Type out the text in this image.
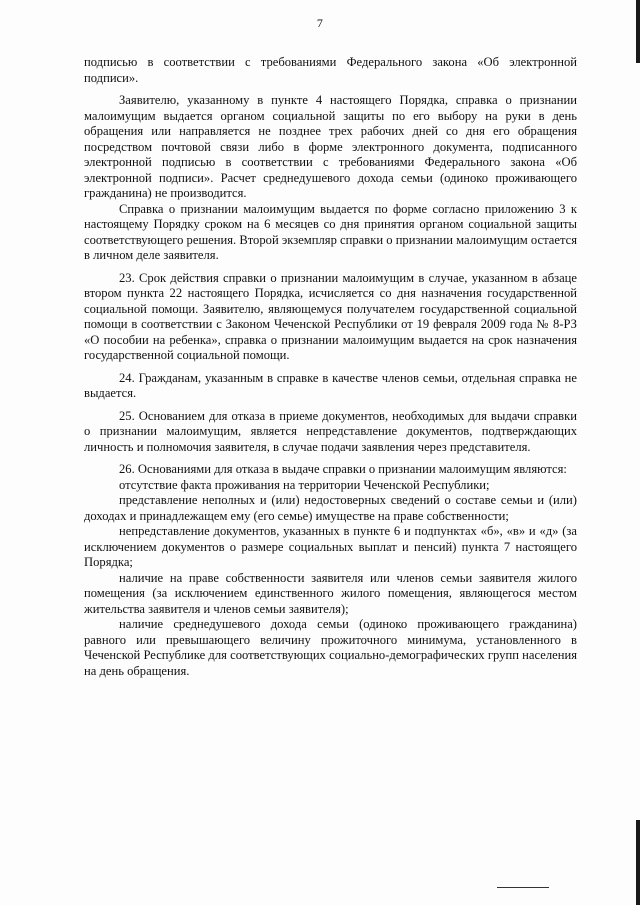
7

подписью в соответствии с требованиями Федерального закона «Об электронной подписи».

Заявителю, указанному в пункте 4 настоящего Порядка, справка о признании малоимущим выдается органом социальной защиты по его выбору на руки в день обращения или направляется не позднее трех рабочих дней со дня его обращения посредством почтовой связи либо в форме электронного документа, подписанного электронной подписью в соответствии с требованиями Федерального закона «Об электронной подписи». Расчет среднедушевого дохода семьи (одиноко проживающего гражданина) не производится.

Справка о признании малоимущим выдается по форме согласно приложению 3 к настоящему Порядку сроком на 6 месяцев со дня принятия органом социальной защиты соответствующего решения. Второй экземпляр справки о признании малоимущим остается в личном деле заявителя.

23. Срок действия справки о признании малоимущим в случае, указанном в абзаце втором пункта 22 настоящего Порядка, исчисляется со дня назначения государственной социальной помощи. Заявителю, являющемуся получателем государственной социальной помощи в соответствии с Законом Чеченской Республики от 19 февраля 2009 года № 8-РЗ «О пособии на ребенка», справка о признании малоимущим выдается на срок назначения государственной социальной помощи.

24. Гражданам, указанным в справке в качестве членов семьи, отдельная справка не выдается.

25. Основанием для отказа в приеме документов, необходимых для выдачи справки о признании малоимущим, является непредставление документов, подтверждающих личность и полномочия заявителя, в случае подачи заявления через представителя.

26. Основаниями для отказа в выдаче справки о признании малоимущим являются:

отсутствие факта проживания на территории Чеченской Республики;

представление неполных и (или) недостоверных сведений о составе семьи и (или) доходах и принадлежащем ему (его семье) имуществе на праве собственности;

непредставление документов, указанных в пункте 6 и подпунктах «б», «в» и «д» (за исключением документов о размере социальных выплат и пенсий) пункта 7 настоящего Порядка;

наличие на праве собственности заявителя или членов семьи заявителя жилого помещения (за исключением единственного жилого помещения, являющегося местом жительства заявителя и членов семьи заявителя);

наличие среднедушевого дохода семьи (одиноко проживающего гражданина) равного или превышающего величину прожиточного минимума, установленного в Чеченской Республике для соответствующих социально-демографических групп населения на день обращения.
